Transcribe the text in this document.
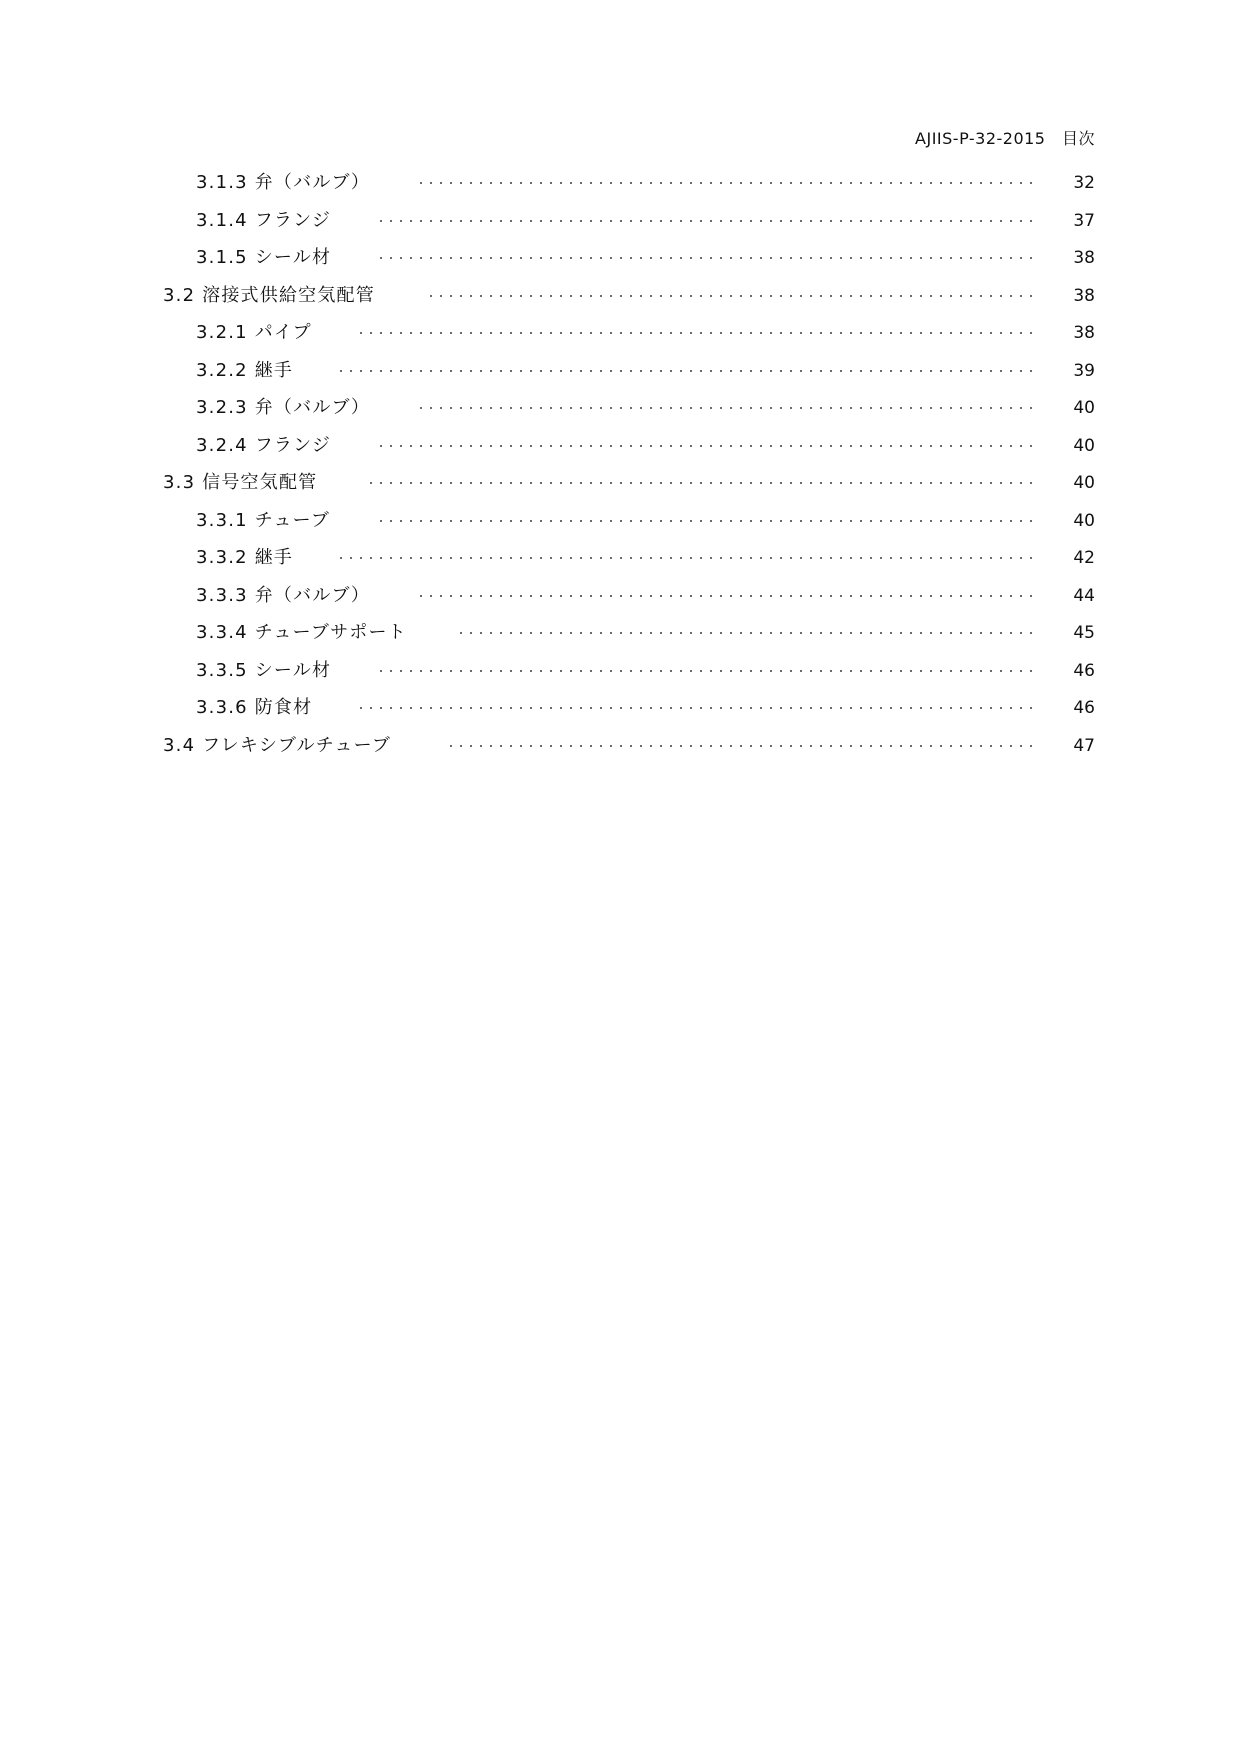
AJIIS-P-32-2015　目次
3.1.3 弁（バルブ）	32
3.1.4 フランジ	37
3.1.5 シール材	38
3.2 溶接式供給空気配管	38
3.2.1 パイプ	38
3.2.2 継手	39
3.2.3 弁（バルブ）	40
3.2.4 フランジ	40
3.3 信号空気配管	40
3.3.1 チューブ	40
3.3.2 継手	42
3.3.3 弁（バルブ）	44
3.3.4 チューブサポート	45
3.3.5 シール材	46
3.3.6 防食材	46
3.4 フレキシブルチューブ	47
